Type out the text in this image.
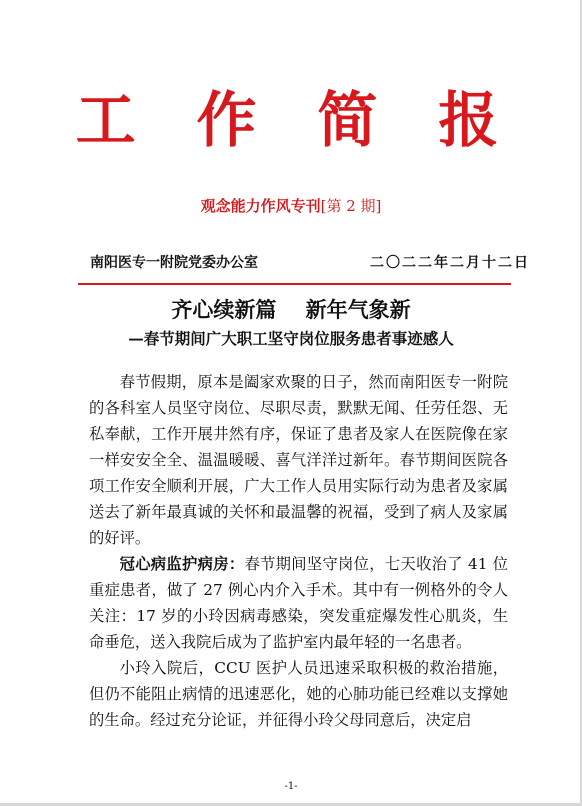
工 作 简 报
观念能力作风专刊[第 2 期]
南阳医专一附院党委办公室	二〇二二年二月十二日
齐心续新篇    新年气象新
—春节期间广大职工坚守岗位服务患者事迹感人

春节假期，原本是阖家欢聚的日子，然而南阳医专一附院的各科室人员坚守岗位、尽职尽责，默默无闻、任劳任怨、无私奉献，工作开展井然有序，保证了患者及家人在医院像在家一样安安全全、温温暖暖、喜气洋洋过新年。春节期间医院各项工作安全顺利开展，广大工作人员用实际行动为患者及家属送去了新年最真诚的关怀和最温馨的祝福，受到了病人及家属的好评。

冠心病监护病房：春节期间坚守岗位，七天收治了 41 位重症患者，做了 27 例心内介入手术。其中有一例格外的令人关注：17 岁的小玲因病毒感染，突发重症爆发性心肌炎，生命垂危，送入我院后成为了监护室内最年轻的一名患者。

小玲入院后，CCU 医护人员迅速采取积极的救治措施，但仍不能阻止病情的迅速恶化，她的心肺功能已经难以支撑她的生命。经过充分论证，并征得小玲父母同意后，决定启

-1-
